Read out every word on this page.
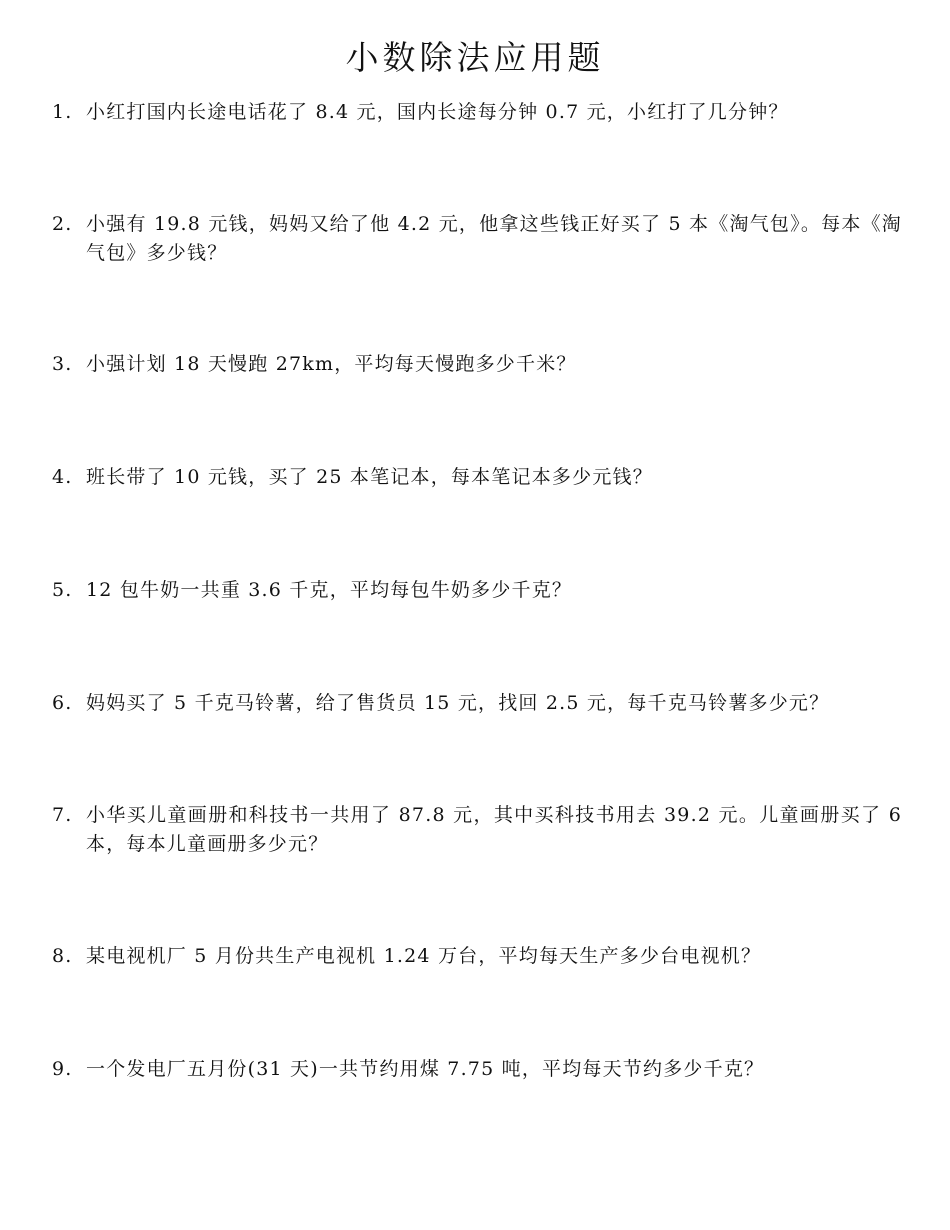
小数除法应用题
1. 小红打国内长途电话花了 8.4 元，国内长途每分钟 0.7 元，小红打了几分钟？
2. 小强有 19.8 元钱，妈妈又给了他 4.2 元，他拿这些钱正好买了 5 本《淘气包》。每本《淘气包》多少钱？
3. 小强计划 18 天慢跑 27km，平均每天慢跑多少千米？
4. 班长带了 10 元钱，买了 25 本笔记本，每本笔记本多少元钱？
5. 12 包牛奶一共重 3.6 千克，平均每包牛奶多少千克？
6. 妈妈买了 5 千克马铃薯，给了售货员 15 元，找回 2.5 元，每千克马铃薯多少元？
7. 小华买儿童画册和科技书一共用了 87.8 元，其中买科技书用去 39.2 元。儿童画册买了 6 本，每本儿童画册多少元？
8. 某电视机厂 5 月份共生产电视机 1.24 万台，平均每天生产多少台电视机？
9. 一个发电厂五月份(31 天)一共节约用煤 7.75 吨，平均每天节约多少千克？
